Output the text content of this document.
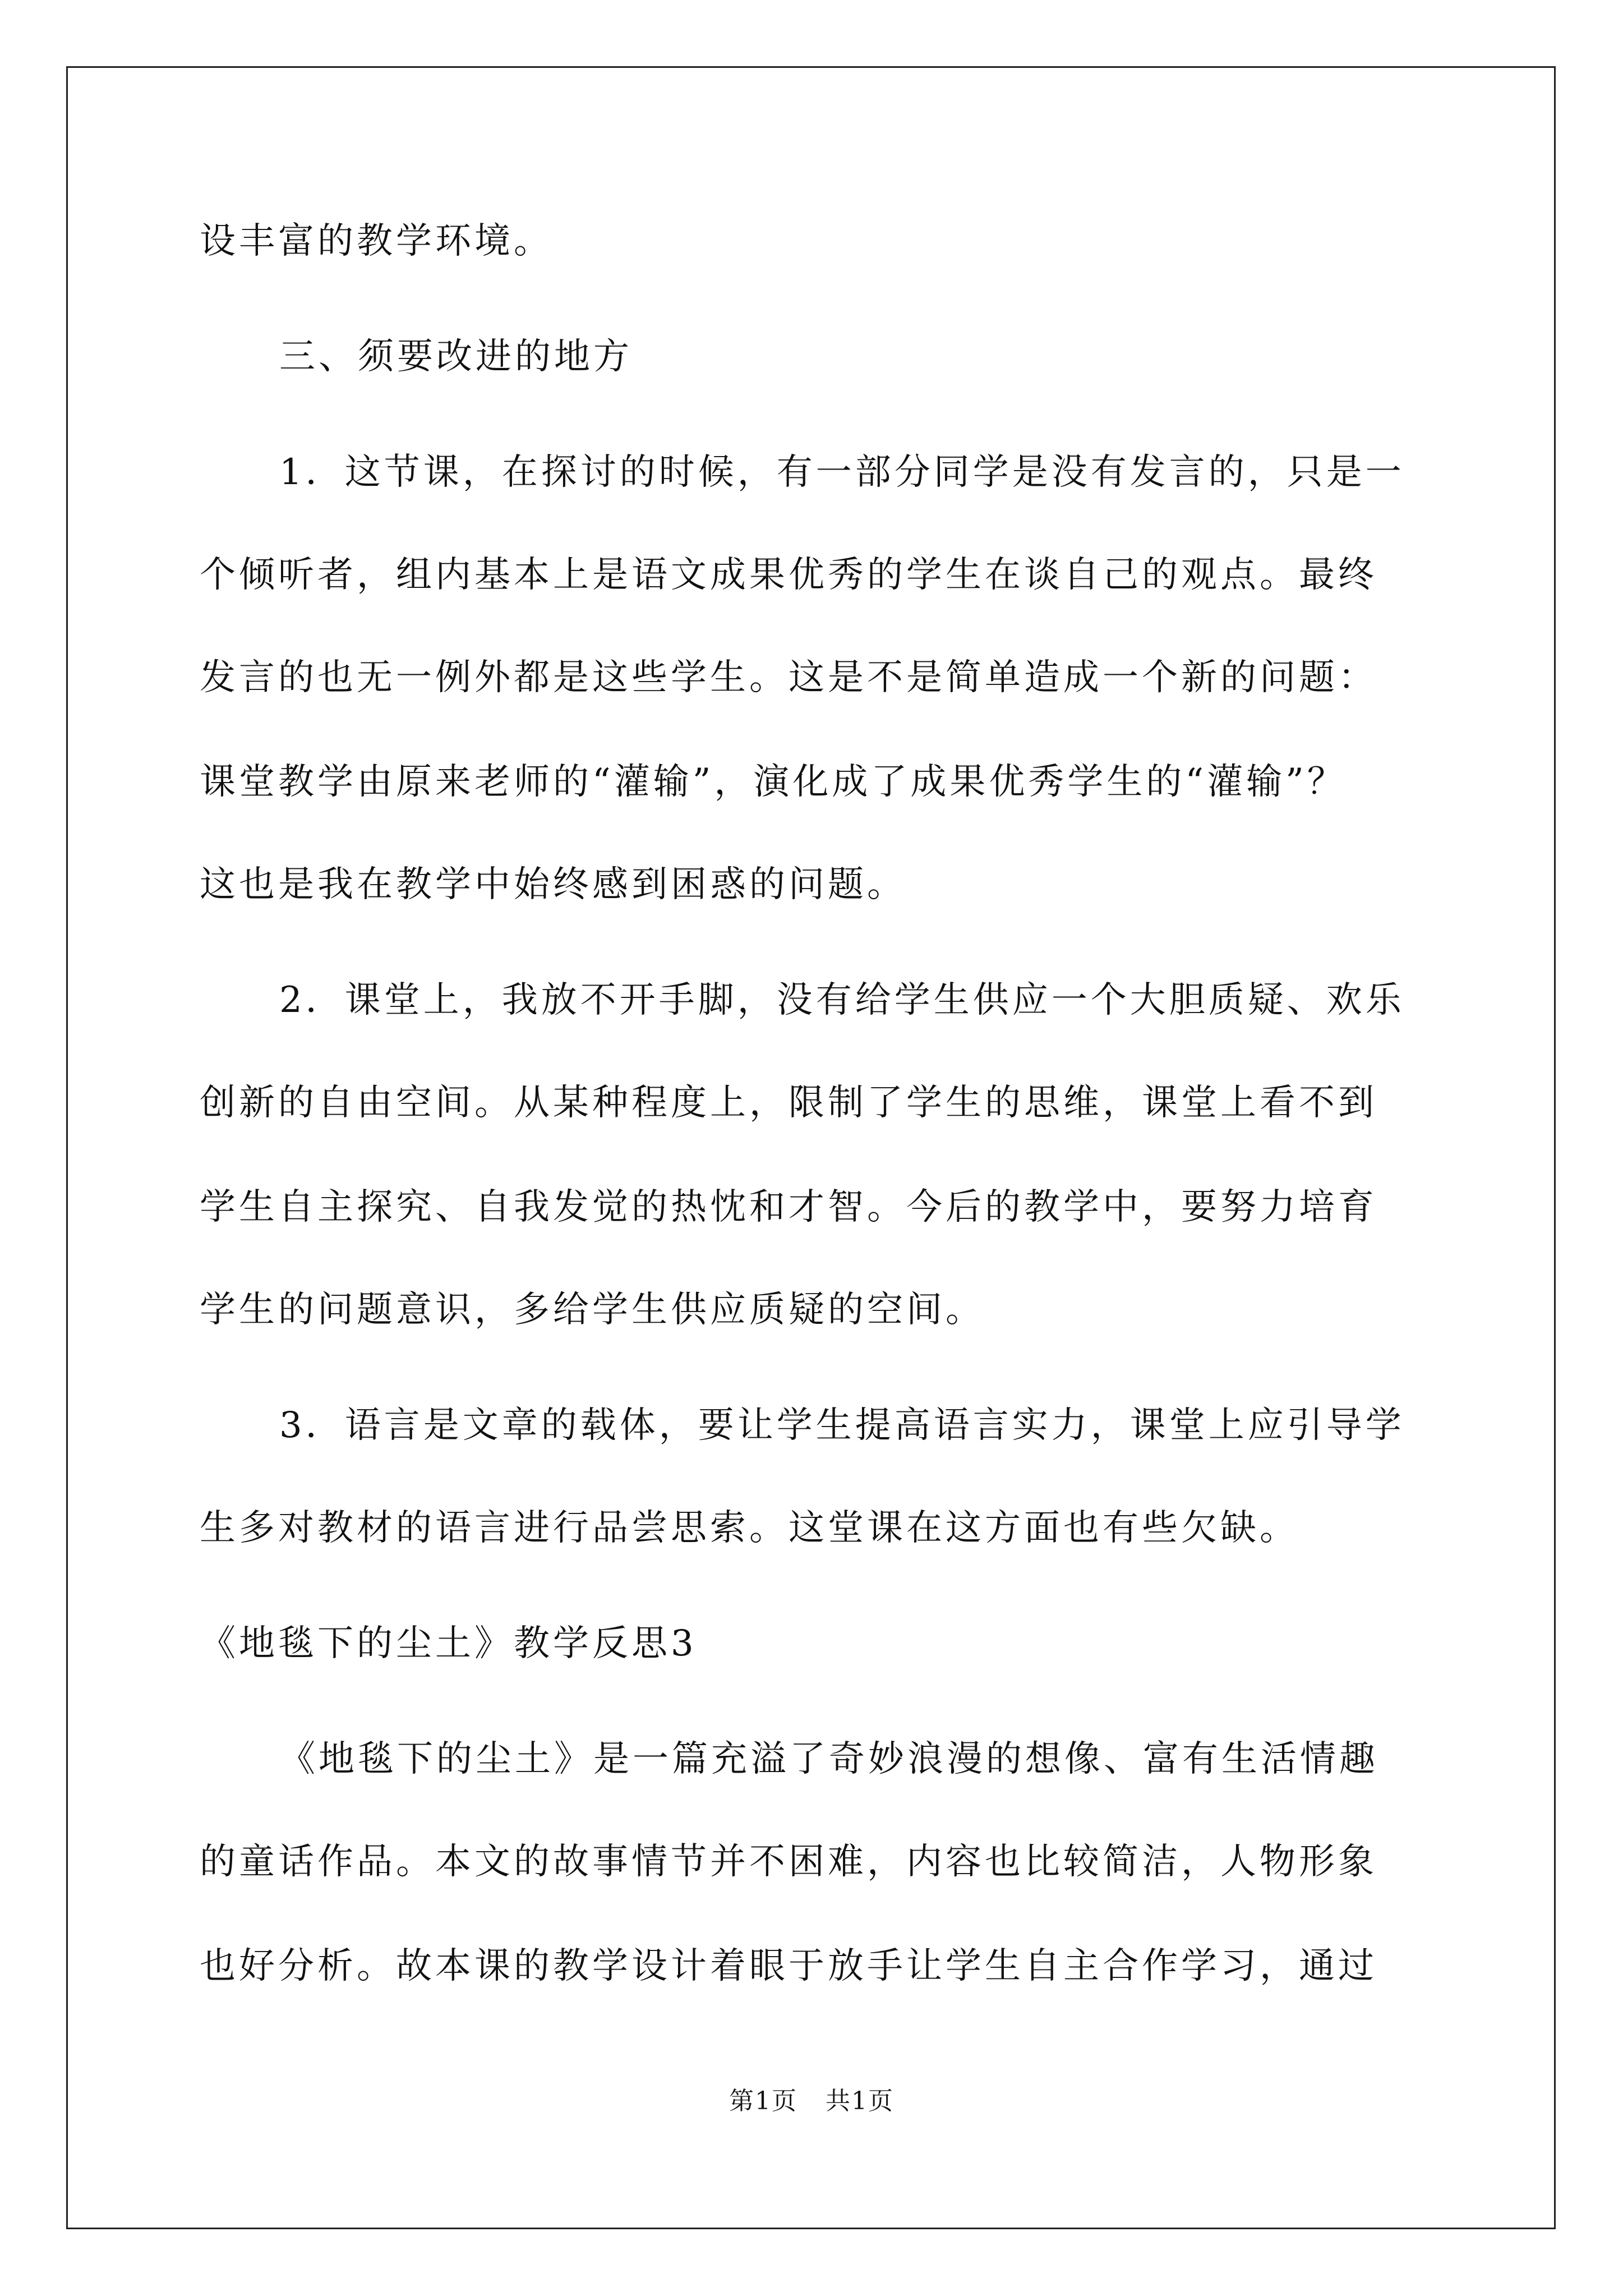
设丰富的教学环境。

三、须要改进的地方

1．这节课，在探讨的时候，有一部分同学是没有发言的，只是一

个倾听者，组内基本上是语文成果优秀的学生在谈自己的观点。最终

发言的也无一例外都是这些学生。这是不是简单造成一个新的问题：

课堂教学由原来老师的“灌输”，演化成了成果优秀学生的“灌输”？

这也是我在教学中始终感到困惑的问题。

2．课堂上，我放不开手脚，没有给学生供应一个大胆质疑、欢乐

创新的自由空间。从某种程度上，限制了学生的思维，课堂上看不到

学生自主探究、自我发觉的热忱和才智。今后的教学中，要努力培育

学生的问题意识，多给学生供应质疑的空间。

3．语言是文章的载体，要让学生提高语言实力，课堂上应引导学

生多对教材的语言进行品尝思索。这堂课在这方面也有些欠缺。

《地毯下的尘土》教学反思3

《地毯下的尘土》是一篇充溢了奇妙浪漫的想像、富有生活情趣

的童话作品。本文的故事情节并不困难，内容也比较简洁，人物形象

也好分析。故本课的教学设计着眼于放手让学生自主合作学习，通过

第1页 共1页
